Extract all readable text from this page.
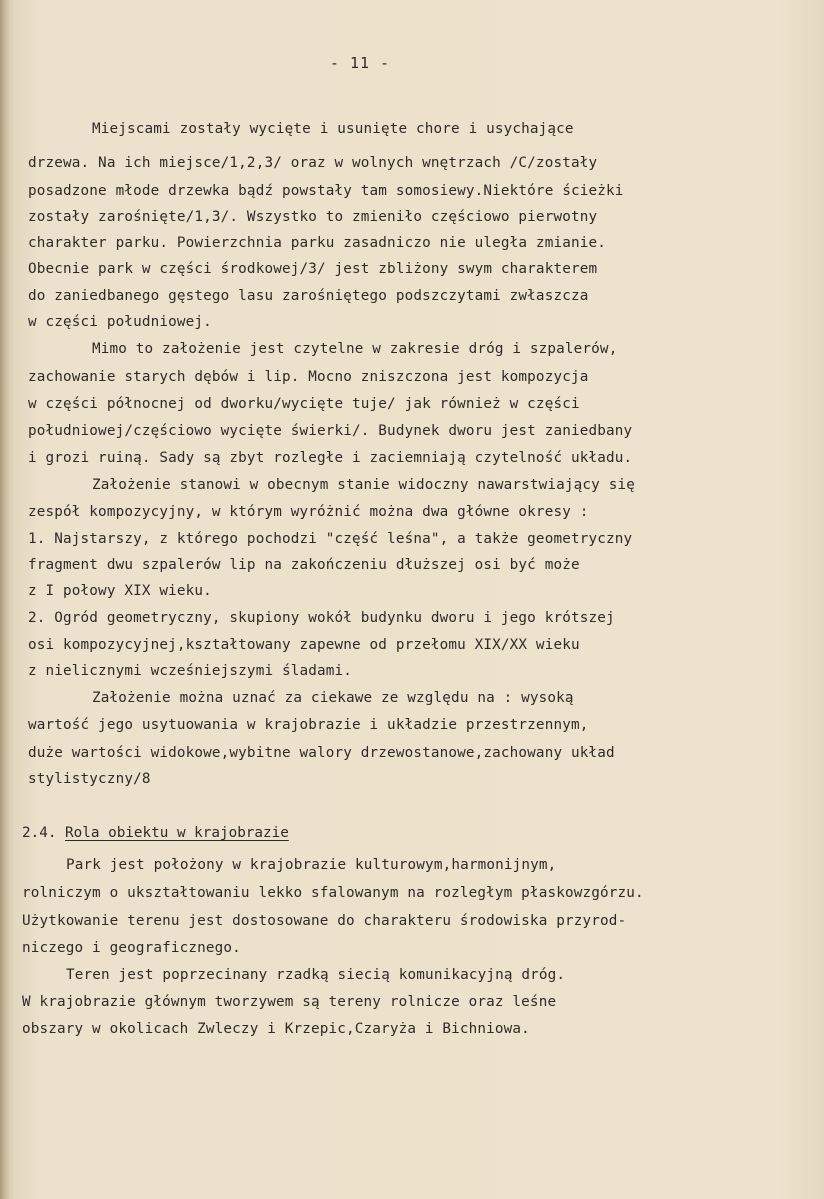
- 11 -
Miejscami zostały wycięte i usunięte chore i usychające
drzewa. Na ich miejsce/1,2,3/ oraz w wolnych wnętrzach /C/zostały
posadzone młode drzewka bądź powstały tam somosiewy.Niektóre ścieżki
zostały zarośnięte/1,3/. Wszystko to zmieniło częściowo pierwotny
charakter parku. Powierzchnia parku zasadniczo nie uległa zmianie.
Obecnie park w części środkowej/3/ jest zbliżony swym charakterem
do zaniedbanego gęstego lasu zarośniętego podszczytami zwłaszcza
w części południowej.
Mimo to założenie jest czytelne w zakresie dróg i szpalerów,
zachowanie starych dębów i lip. Mocno zniszczona jest kompozycja
w części północnej od dworku/wycięte tuje/ jak również w części
południowej/częściowo wycięte świerki/. Budynek dworu jest zaniedbany
i grozi ruiną. Sady są zbyt rozległe i zaciemniają czytelność układu.
Założenie stanowi w obecnym stanie widoczny nawarstwiający się
zespół kompozycyjny, w którym wyróżnić można dwa główne okresy :
1. Najstarszy, z którego pochodzi "część leśna", a także geometryczny
fragment dwu szpalerów lip na zakończeniu dłuższej osi być może
z I połowy XIX wieku.
2. Ogród geometryczny, skupiony wokół budynku dworu i jego krótszej
osi kompozycyjnej,kształtowany zapewne od przełomu XIX/XX wieku
z nielicznymi wcześniejszymi śladami.
Założenie można uznać za ciekawe ze względu na : wysoką
wartość jego usytuowania w krajobrazie i układzie przestrzennym,
duże wartości widokowe,wybitne walory drzewostanowe,zachowany układ
stylistyczny/8
2.4. Rola obiektu w krajobrazie
Park jest położony w krajobrazie kulturowym,harmonijnym,
rolniczym o ukształtowaniu lekko sfalowanym na rozległym płaskowzgórzu.
Użytkowanie terenu jest dostosowane do charakteru środowiska przyrod-
niczego i geograficznego.
Teren jest poprzecinany rzadką siecią komunikacyjną dróg.
W krajobrazie głównym tworzywem są tereny rolnicze oraz leśne
obszary w okolicach Zwleczy i Krzepic,Czaryża i Bichniowa.
